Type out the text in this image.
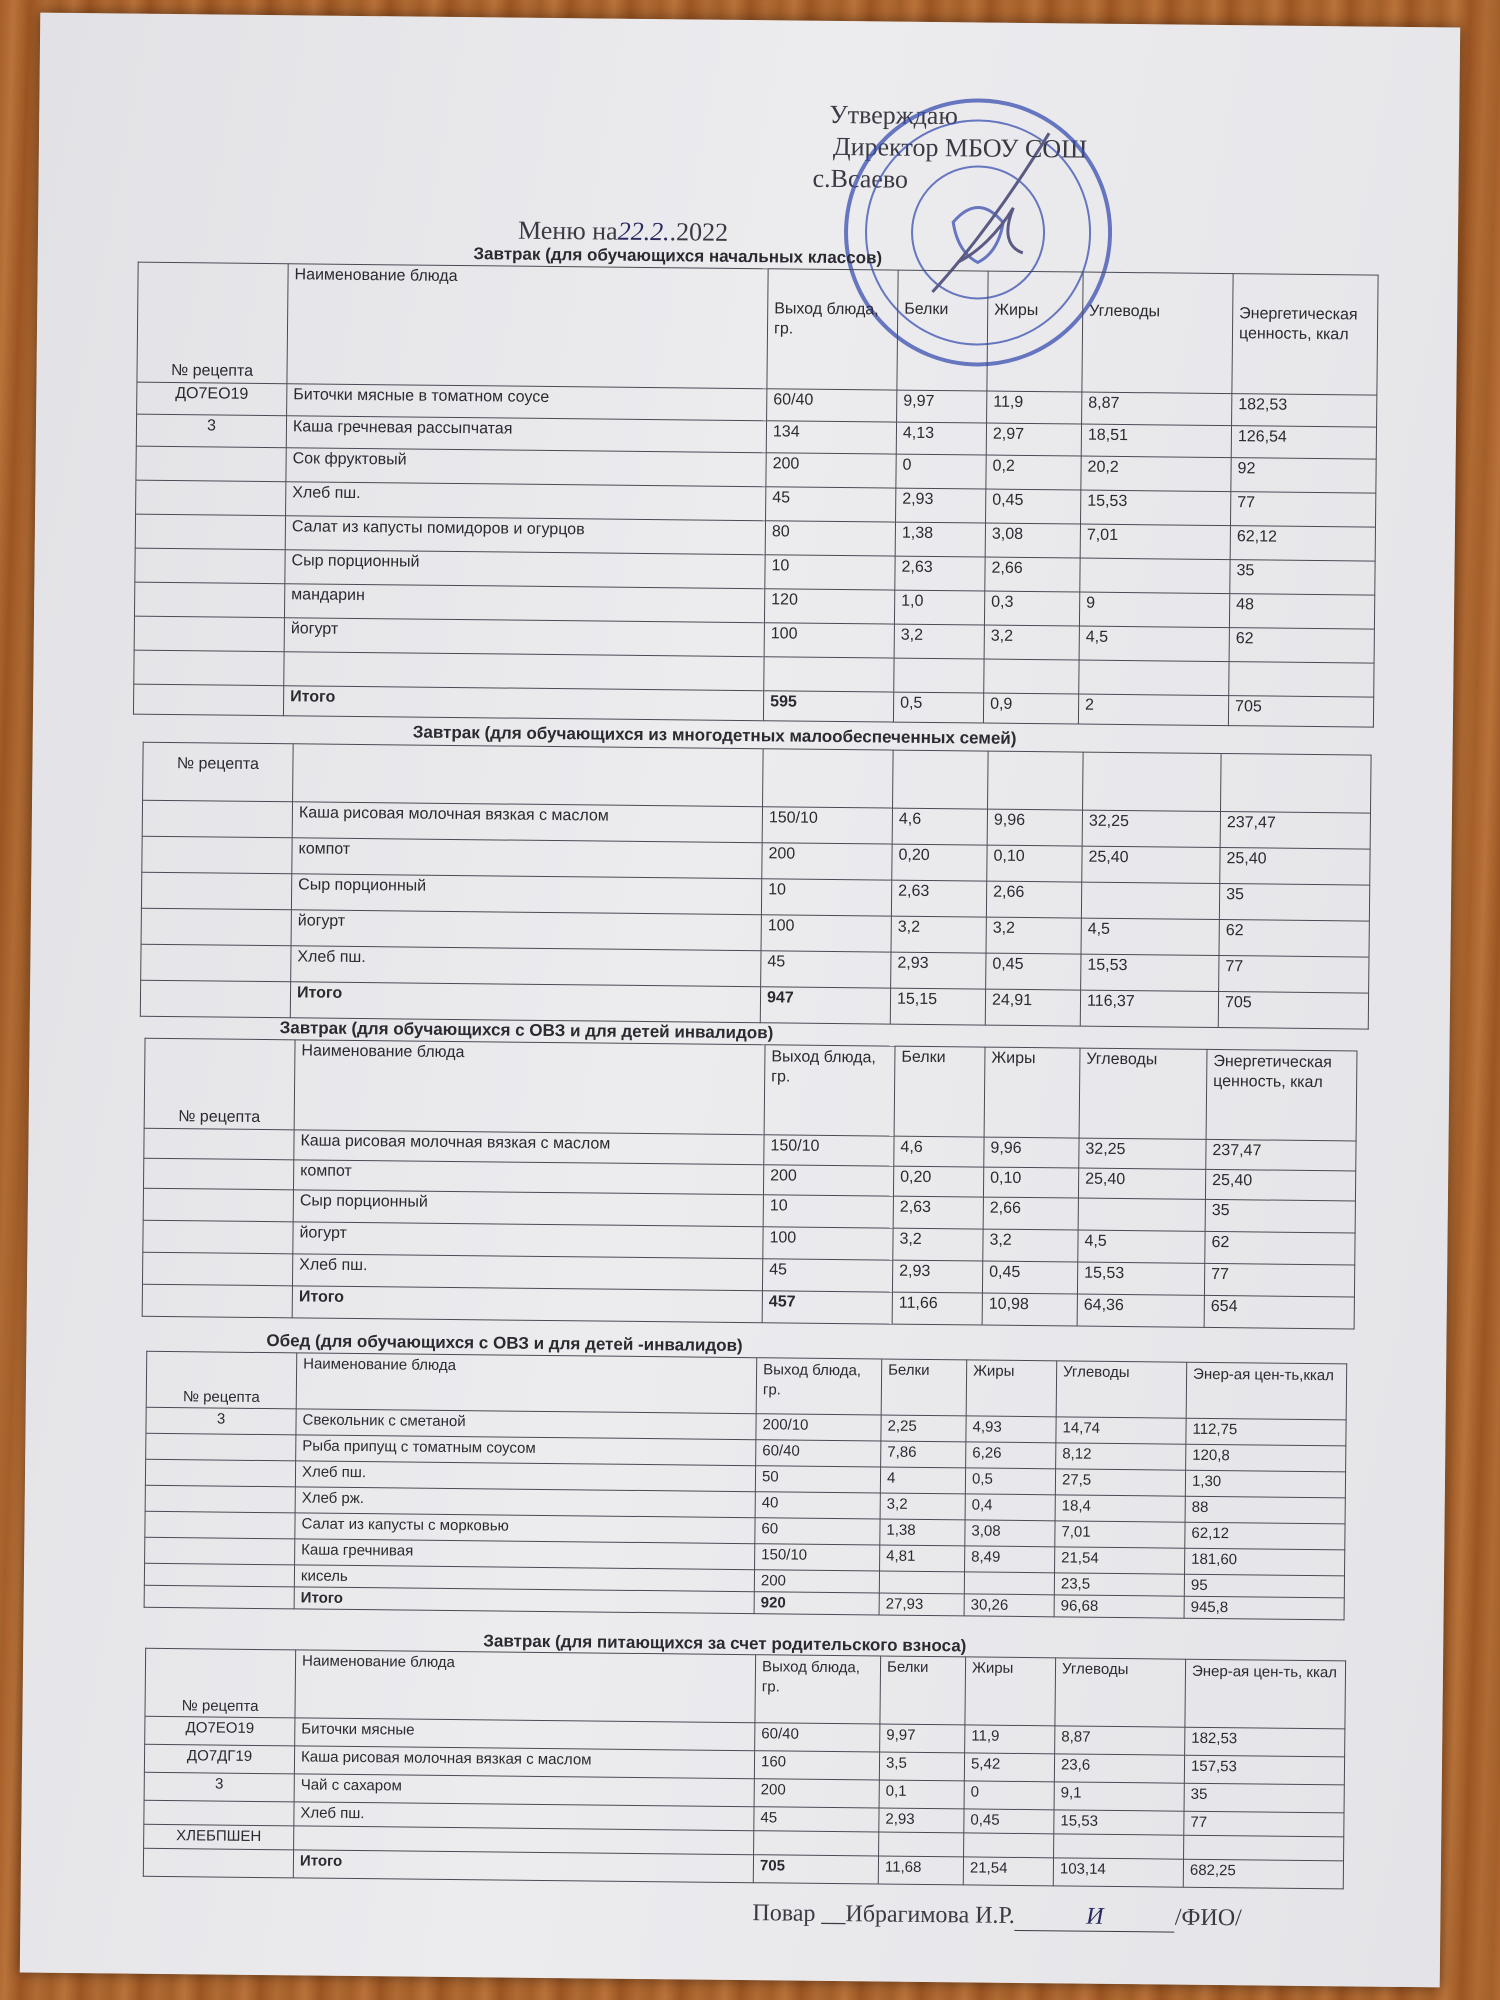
Утверждаю
Директор МБОУ СОШ
с.Всаево
Меню на22.2..2022
Завтрак (для обучающихся начальных классов)
№ рецепта	Наименование блюда	Выход блюда, гр.	Белки	Жиры	Углеводы	Энергетическая ценность, ккал
ДО7ЕО19	Биточки мясные в томатном соусе	60/40	9,97	11,9	8,87	182,53
3	Каша гречневая рассыпчатая	134	4,13	2,97	18,51	126,54
	Сок фруктовый	200	0	0,2	20,2	92
	Хлеб пш.	45	2,93	0,45	15,53	77
	Салат из капусты помидоров и огурцов	80	1,38	3,08	7,01	62,12
	Сыр порционный	10	2,63	2,66		35
	мандарин	120	1,0	0,3	9	48
	йогурт	100	3,2	3,2	4,5	62

	Итого	595	0,5	0,9	2	705
Завтрак (для обучающихся из многодетных малообеспеченных семей)
№ рецепта						
	Каша рисовая молочная вязкая с маслом	150/10	4,6	9,96	32,25	237,47
	компот	200	0,20	0,10	25,40	25,40
	Сыр порционный	10	2,63	2,66		35
	йогурт	100	3,2	3,2	4,5	62
	Хлеб пш.	45	2,93	0,45	15,53	77
	Итого	947	15,15	24,91	116,37	705
Завтрак (для обучающихся с ОВЗ и для детей инвалидов)
№ рецепта	Наименование блюда	Выход блюда, гр.	Белки	Жиры	Углеводы	Энергетическая ценность, ккал
	Каша рисовая молочная вязкая с маслом	150/10	4,6	9,96	32,25	237,47
	компот	200	0,20	0,10	25,40	25,40
	Сыр порционный	10	2,63	2,66		35
	йогурт	100	3,2	3,2	4,5	62
	Хлеб пш.	45	2,93	0,45	15,53	77
	Итого	457	11,66	10,98	64,36	654
Обед (для обучающихся с ОВЗ и для детей -инвалидов)
№ рецепта	Наименование блюда	Выход блюда, гр.	Белки	Жиры	Углеводы	Энер-ая цен-ть,ккал
3	Свекольник с сметаной	200/10	2,25	4,93	14,74	112,75
	Рыба припущ с томатным соусом	60/40	7,86	6,26	8,12	120,8
	Хлеб пш.	50	4	0,5	27,5	1,30
	Хлеб рж.	40	3,2	0,4	18,4	88
	Салат из капусты с морковью	60	1,38	3,08	7,01	62,12
	Каша гречнивая	150/10	4,81	8,49	21,54	181,60
	кисель	200			23,5	95
	Итого	920	27,93	30,26	96,68	945,8
Завтрак (для питающихся за счет родительского взноса)
№ рецепта	Наименование блюда	Выход блюда, гр.	Белки	Жиры	Углеводы	Энер-ая цен-ть, ккал
ДО7ЕО19	Биточки мясные	60/40	9,97	11,9	8,87	182,53
ДО7ДГ19	Каша рисовая молочная вязкая с маслом	160	3,5	5,42	23,6	157,53
3	Чай с сахаром	200	0,1	0	9,1	35
	Хлеб пш.	45	2,93	0,45	15,53	77
ХЛЕБПШЕН						
	Итого	705	11,68	21,54	103,14	682,25
Повар __Ибрагимова И.Р.	И	/ФИО/
